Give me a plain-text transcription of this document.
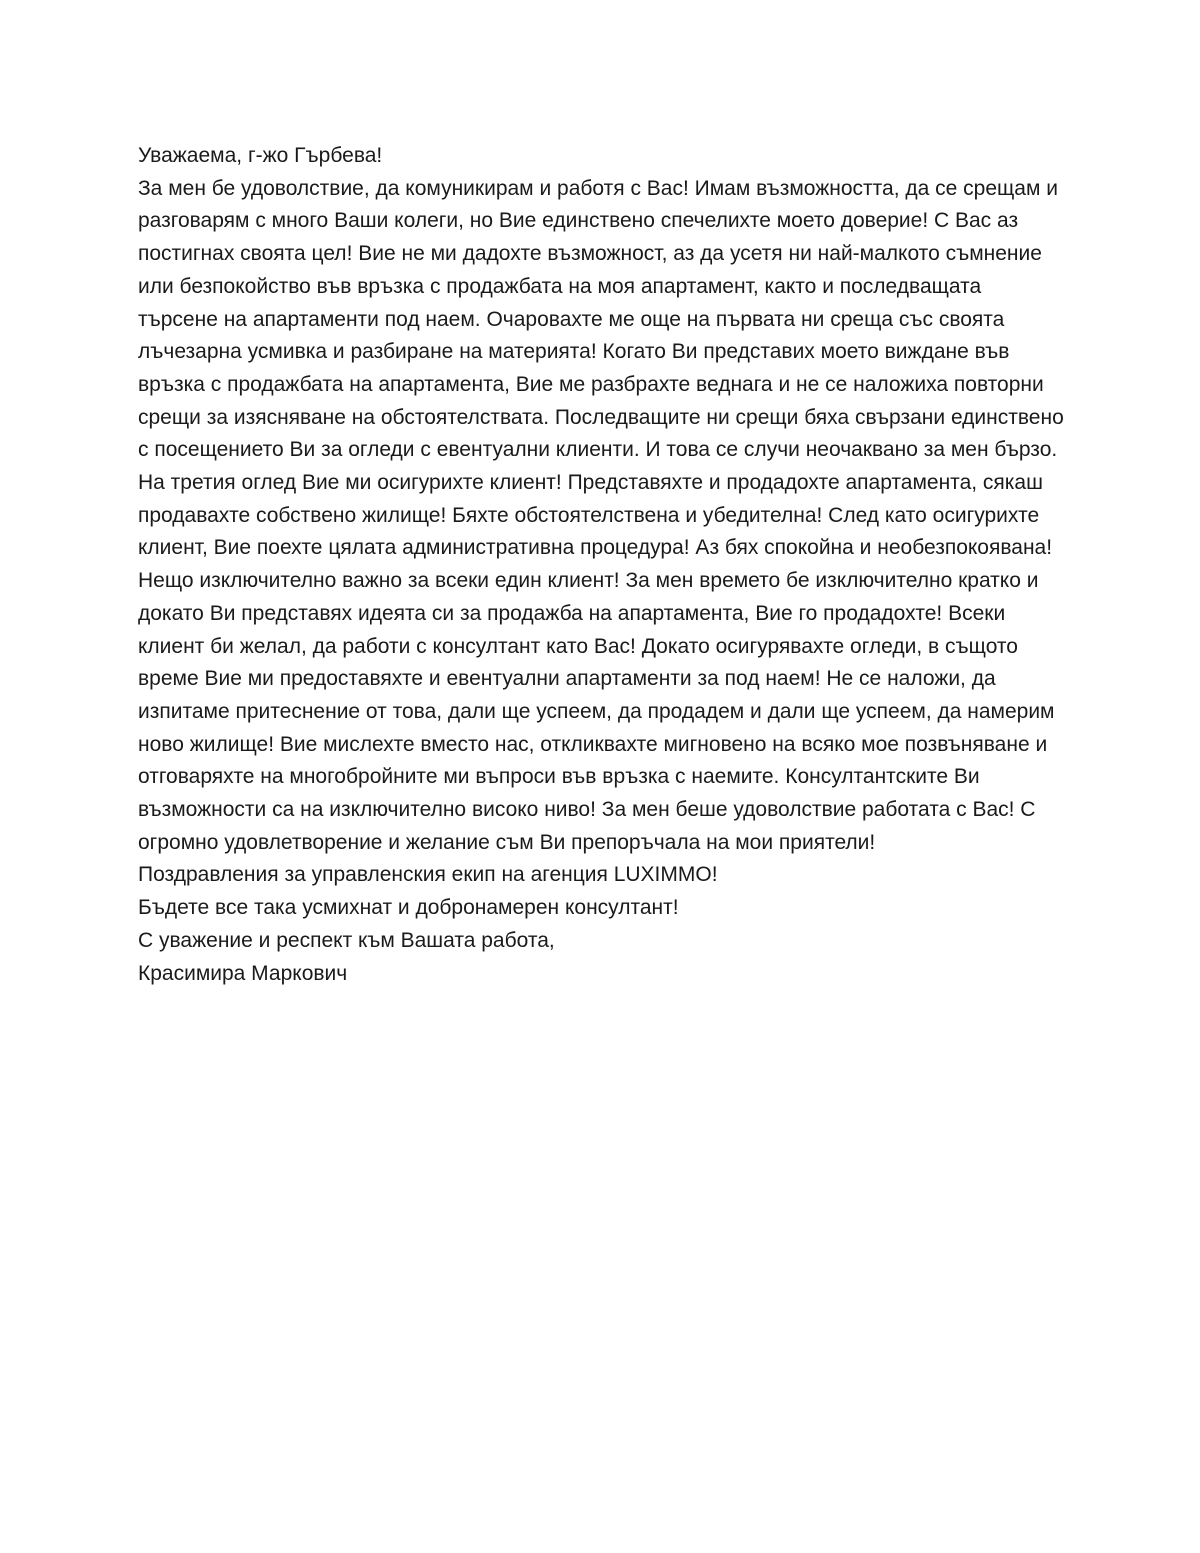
Уважаема, г-жо Гърбева!

За мен бе удоволствие, да комуникирам и работя с Вас! Имам възможността, да се срещам и разговарям с много Ваши колеги, но Вие единствено спечелихте моето доверие! С Вас аз постигнах своята цел! Вие не ми дадохте възможност, аз да усетя ни най-малкото съмнение или безпокойство във връзка с продажбата на моя апартамент, както и последващата търсене на апартаменти под наем. Очаровахте ме още на първата ни среща със своята лъчезарна усмивка и разбиране на материята! Когато Ви представих моето виждане във връзка с продажбата на апартамента, Вие ме разбрахте веднага и не се наложиха повторни срещи за изясняване на обстоятелствата. Последващите ни срещи бяха свързани единствено с посещението Ви за огледи с евентуални клиенти. И това се случи неочаквано за мен бързо. На третия оглед Вие ми осигурихте клиент! Представяхте и продадохте апартамента, сякаш продавахте собствено жилище! Бяхте обстоятелствена и убедителна! След като осигурихте клиент, Вие поехте цялата административна процедура! Аз бях спокойна и необезпокоявана! Нещо изключително важно за всеки един клиент! За мен времето бе изключително кратко и докато Ви представях идеята си за продажба на апартамента, Вие го продадохте! Всеки клиент би желал, да работи с консултант като Вас! Докато осигурявахте огледи, в същото време Вие ми предоставяхте и евентуални апартаменти за под наем! Не се наложи, да изпитаме притеснение от това, дали ще успеем, да продадем и дали ще успеем, да намерим ново жилище! Вие мислехте вместо нас, откликвахте мигновено на всяко мое позвъняване и отговаряхте на многобройните ми въпроси във връзка с наемите. Консултантските Ви възможности са на изключително високо ниво! За мен беше удоволствие работата с Вас! С огромно удовлетворение и желание съм Ви препоръчала на мои приятели!

Поздравления за управленския екип на агенция LUXIMMO!

Бъдете все така усмихнат и добронамерен консултант!

С уважение и респект към Вашата работа,

Красимира Маркович
